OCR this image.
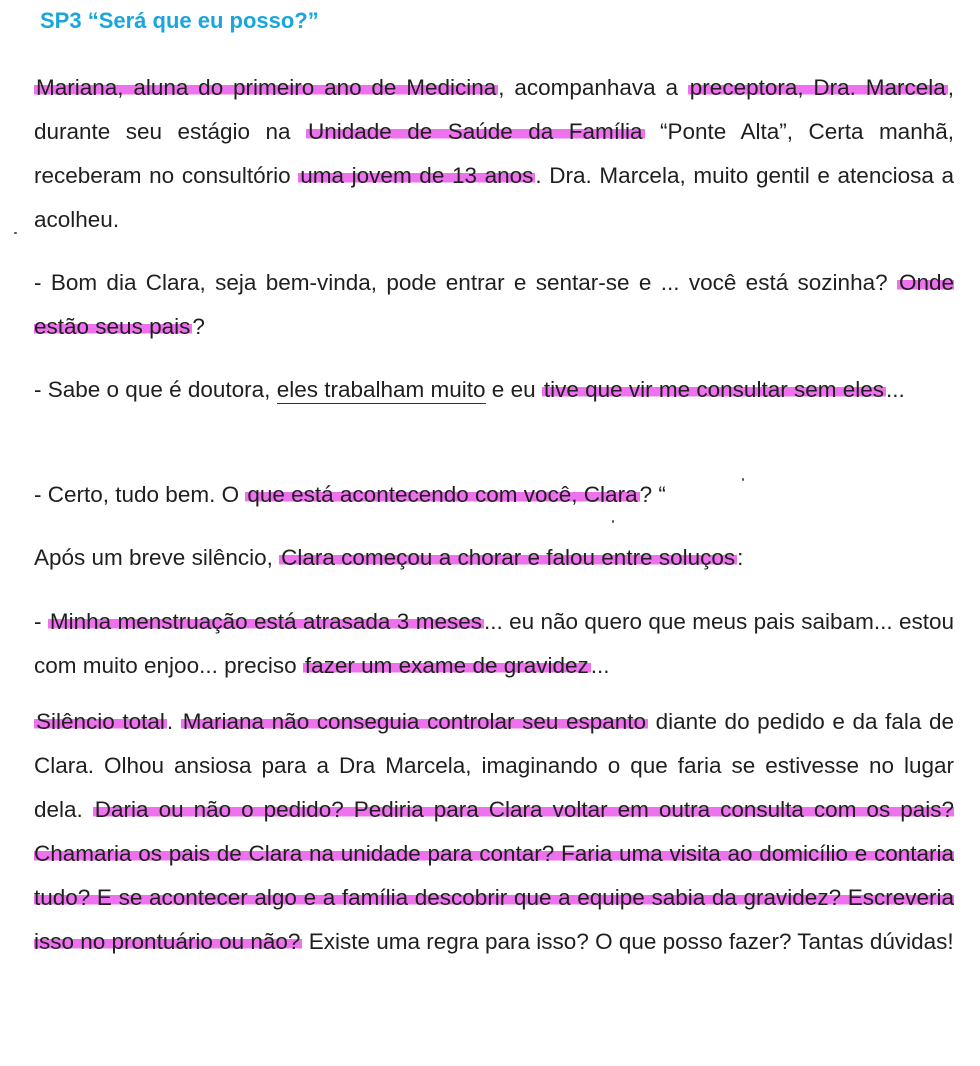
SP3 “Será que eu posso?”

Mariana, aluna do primeiro ano de Medicina, acompanhava a preceptora, Dra. Marcela, durante seu estágio na Unidade de Saúde da Família “Ponte Alta”, Certa manhã, receberam no consultório uma jovem de 13 anos. Dra. Marcela, muito gentil e atenciosa a acolheu.

- Bom dia Clara, seja bem-vinda, pode entrar e sentar-se e ... você está sozinha? Onde estão seus pais?

- Sabe o que é doutora, eles trabalham muito e eu tive que vir me consultar sem eles...

- Certo, tudo bem. O que está acontecendo com você, Clara? “

Após um breve silêncio, Clara começou a chorar e falou entre soluços:

- Minha menstruação está atrasada 3 meses... eu não quero que meus pais saibam... estou com muito enjoo... preciso fazer um exame de gravidez...

Silêncio total. Mariana não conseguia controlar seu espanto diante do pedido e da fala de Clara. Olhou ansiosa para a Dra Marcela, imaginando o que faria se estivesse no lugar dela. Daria ou não o pedido? Pediria para Clara voltar em outra consulta com os pais? Chamaria os pais de Clara na unidade para contar? Faria uma visita ao domicílio e contaria tudo? E se acontecer algo e a família descobrir que a equipe sabia da gravidez? Escreveria isso no prontuário ou não? Existe uma regra para isso? O que posso fazer? Tantas dúvidas!
